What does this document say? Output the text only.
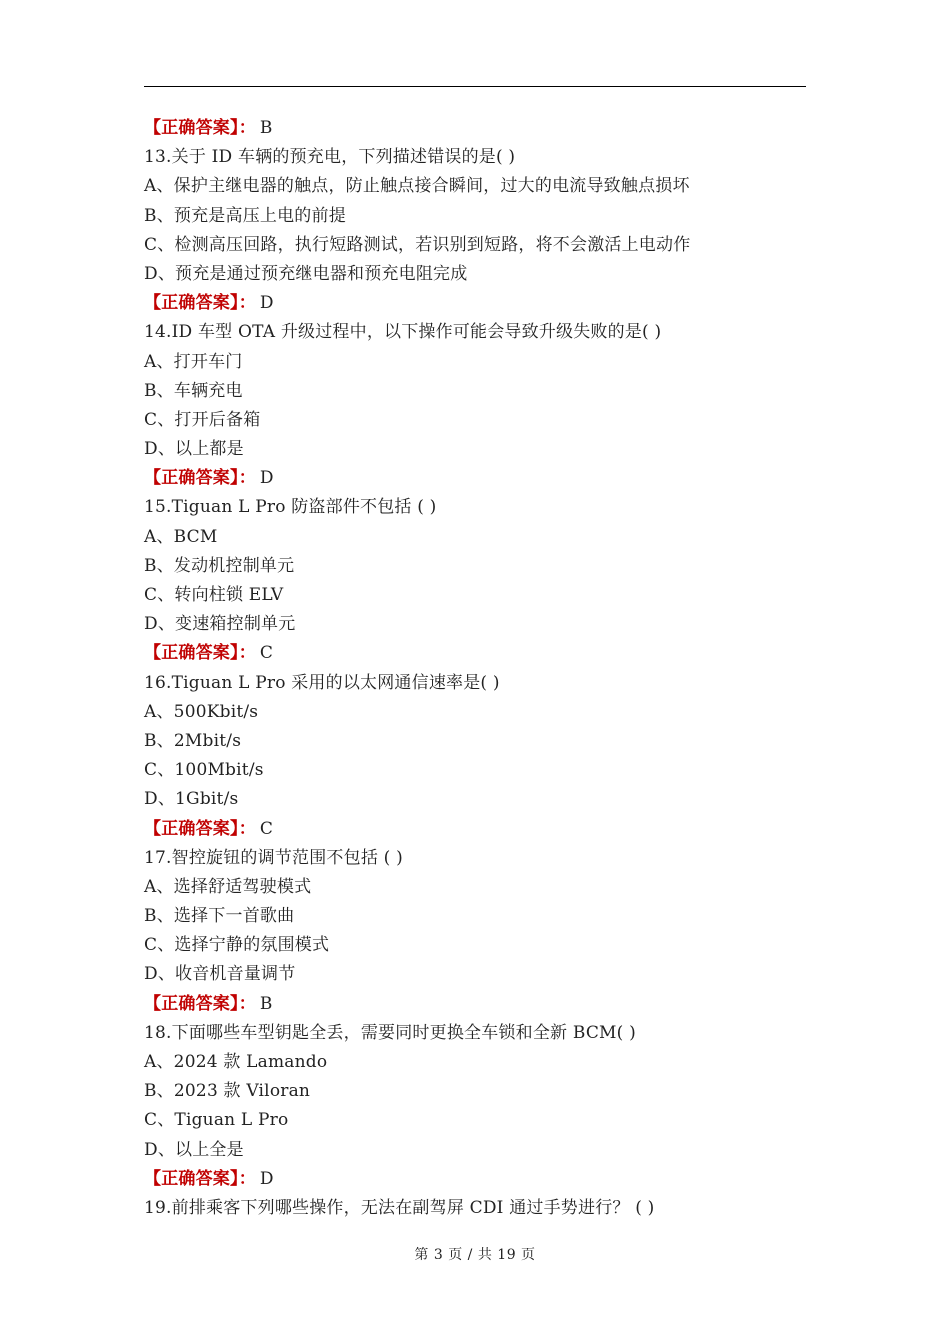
【正确答案】： B
13.关于 ID 车辆的预充电，下列描述错误的是( )
A、保护主继电器的触点，防止触点接合瞬间，过大的电流导致触点损坏
B、预充是高压上电的前提
C、检测高压回路，执行短路测试，若识别到短路，将不会激活上电动作
D、预充是通过预充继电器和预充电阻完成
【正确答案】： D
14.ID 车型 OTA 升级过程中，以下操作可能会导致升级失败的是( )
A、打开车门
B、车辆充电
C、打开后备箱
D、以上都是
【正确答案】： D
15.Tiguan L Pro 防盗部件不包括 ( )
A、BCM
B、发动机控制单元
C、转向柱锁 ELV
D、变速箱控制单元
【正确答案】： C
16.Tiguan L Pro 采用的以太网通信速率是( )
A、500Kbit/s
B、2Mbit/s
C、100Mbit/s
D、1Gbit/s
【正确答案】： C
17.智控旋钮的调节范围不包括 ( )
A、选择舒适驾驶模式
B、选择下一首歌曲
C、选择宁静的氛围模式
D、收音机音量调节
【正确答案】： B
18.下面哪些车型钥匙全丢，需要同时更换全车锁和全新 BCM( )
A、2024 款 Lamando
B、2023 款 Viloran
C、Tiguan L Pro
D、以上全是
【正确答案】： D
19.前排乘客下列哪些操作，无法在副驾屏 CDI 通过手势进行？ ( )
第 3 页 / 共 19 页
